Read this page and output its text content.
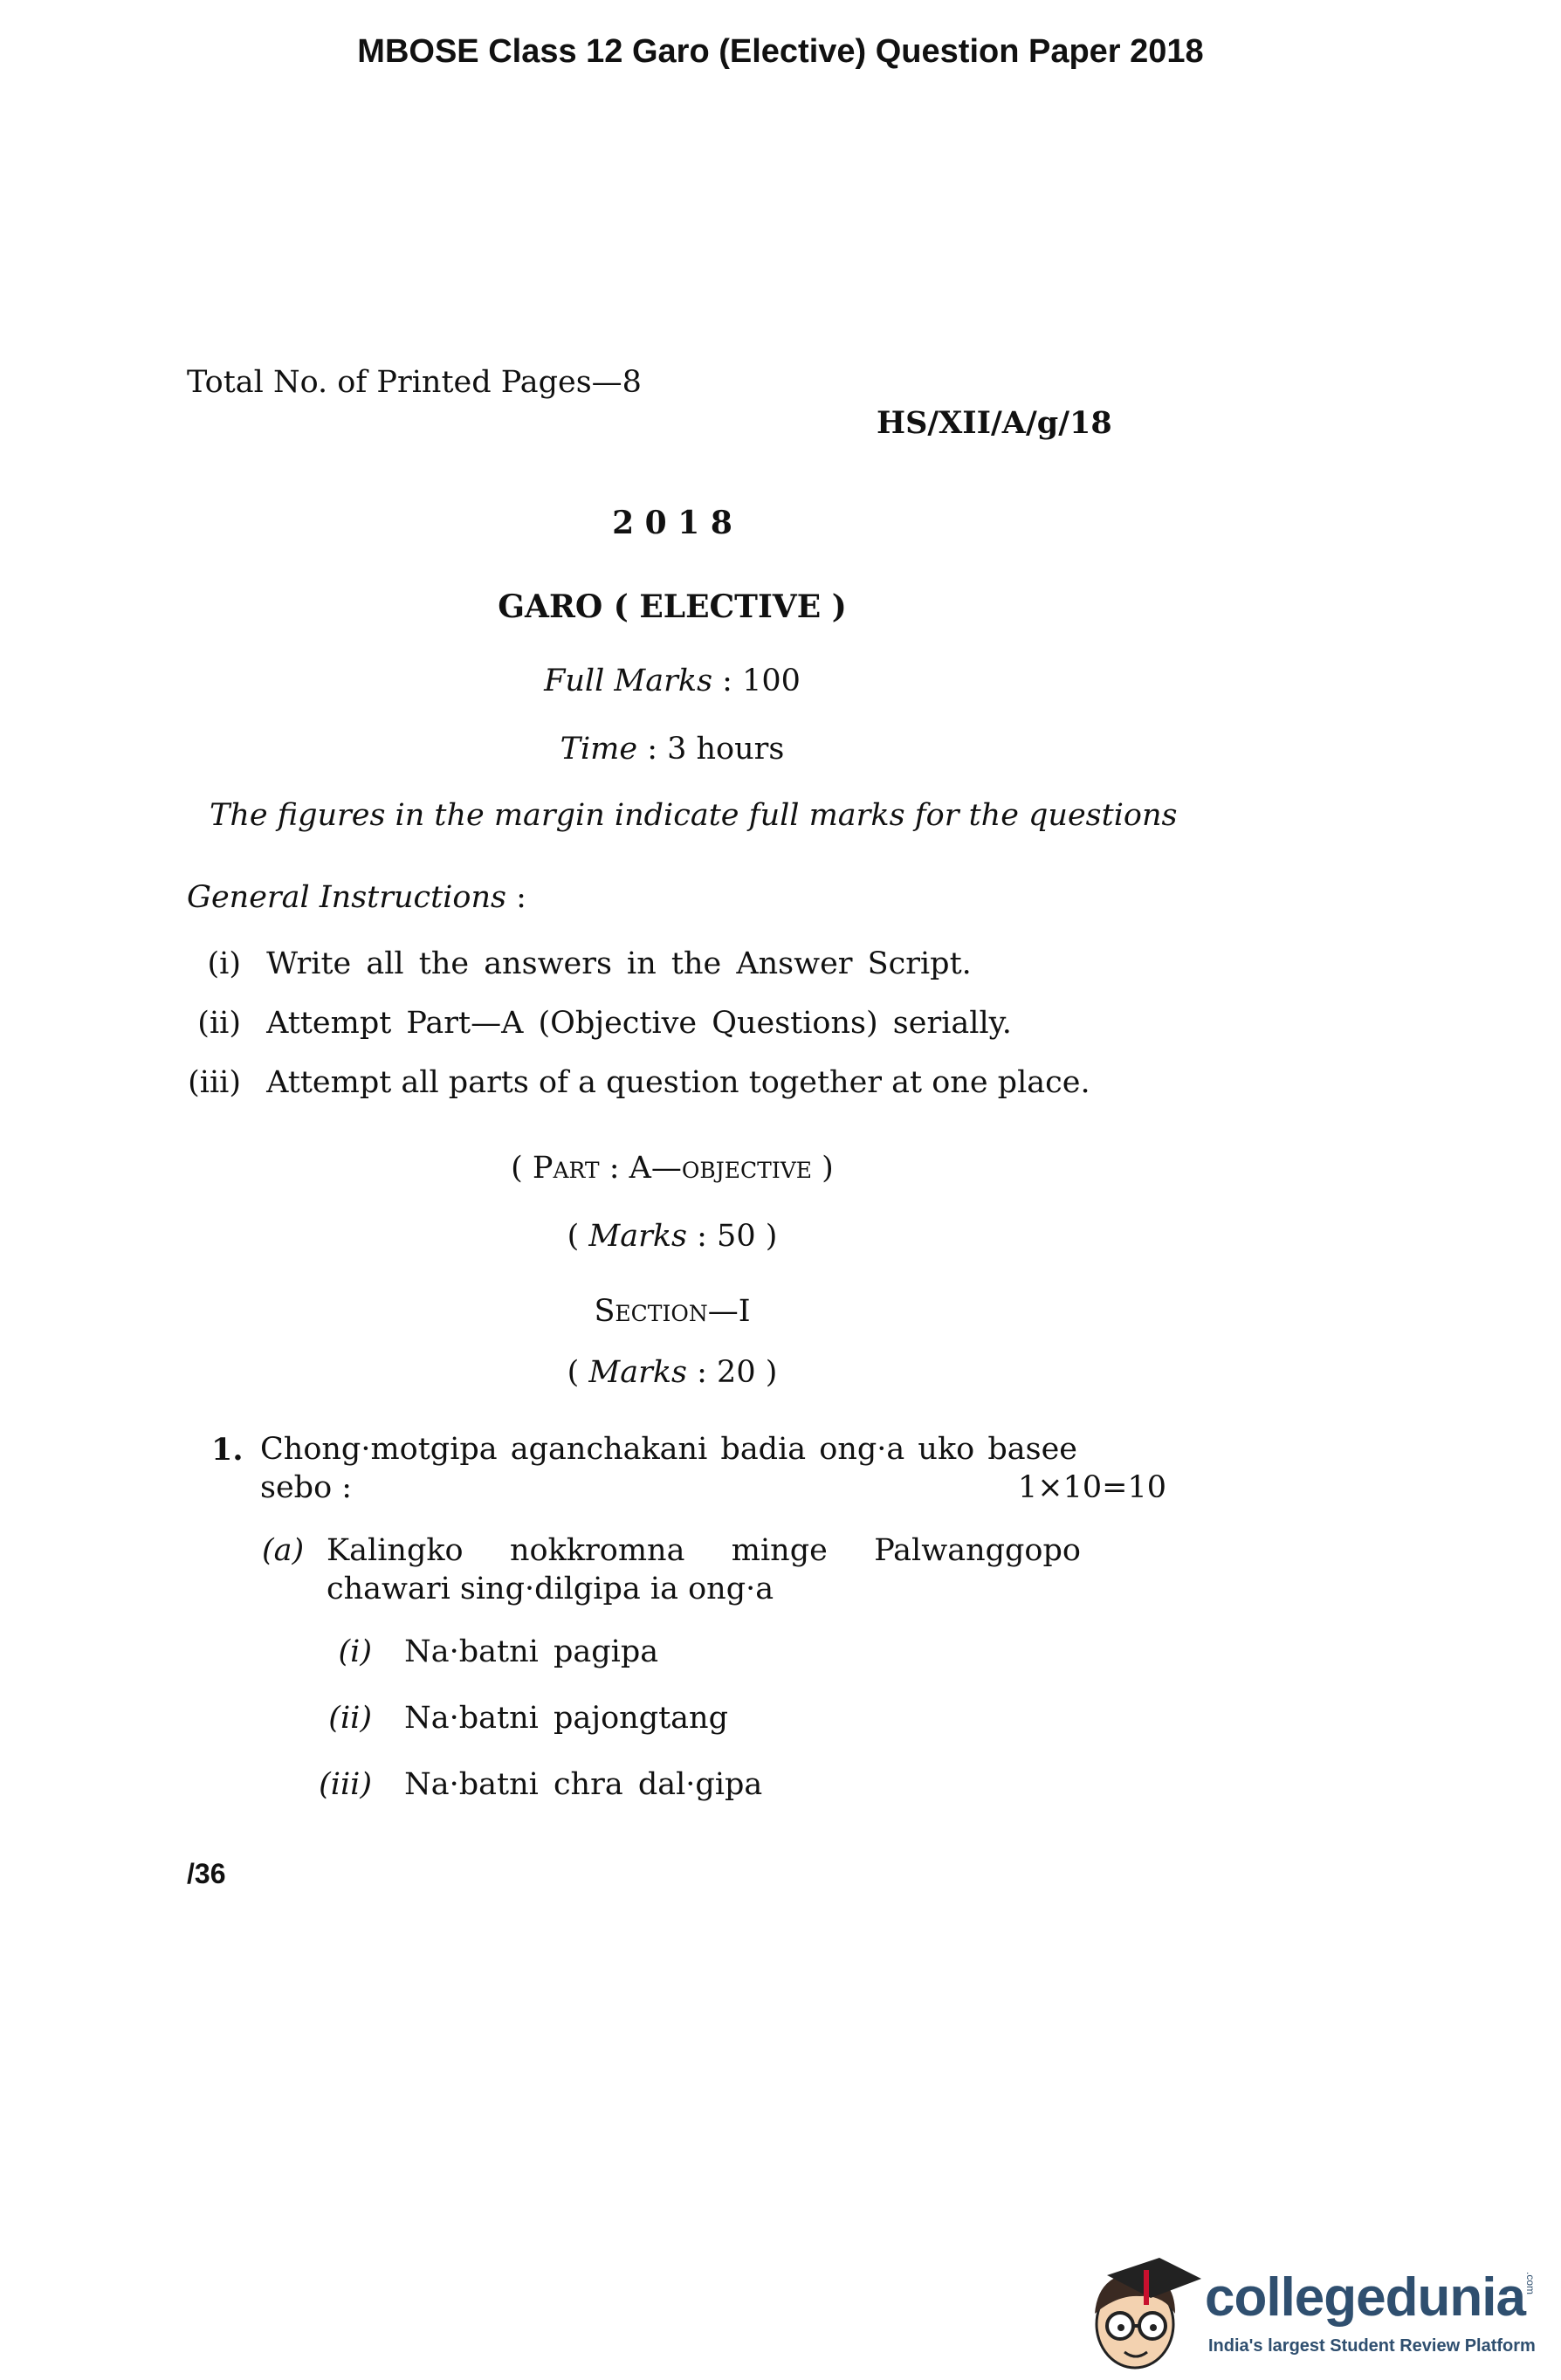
MBOSE Class 12 Garo (Elective) Question Paper 2018
Total No. of Printed Pages—8
HS/XII/A/g/18
2 0 1 8
GARO ( ELECTIVE )
Full Marks : 100
Time : 3 hours
The figures in the margin indicate full marks for the questions
General Instructions :
(i) Write all the answers in the Answer Script.
(ii) Attempt Part—A (Objective Questions) serially.
(iii) Attempt all parts of a question together at one place.
( Part : A—objective )
( Marks : 50 )
Section—I
( Marks : 20 )
1. Chong·motgipa aganchakani badia ong·a uko basee
sebo :	1×10=10
(a) Kalingko nokkromna minge Palwanggopo
chawari sing·dilgipa ia ong·a
(i) Na·batni pagipa
(ii) Na·batni pajongtang
(iii) Na·batni chra dal·gipa
/36
collegedunia
India's largest Student Review Platform
.com
